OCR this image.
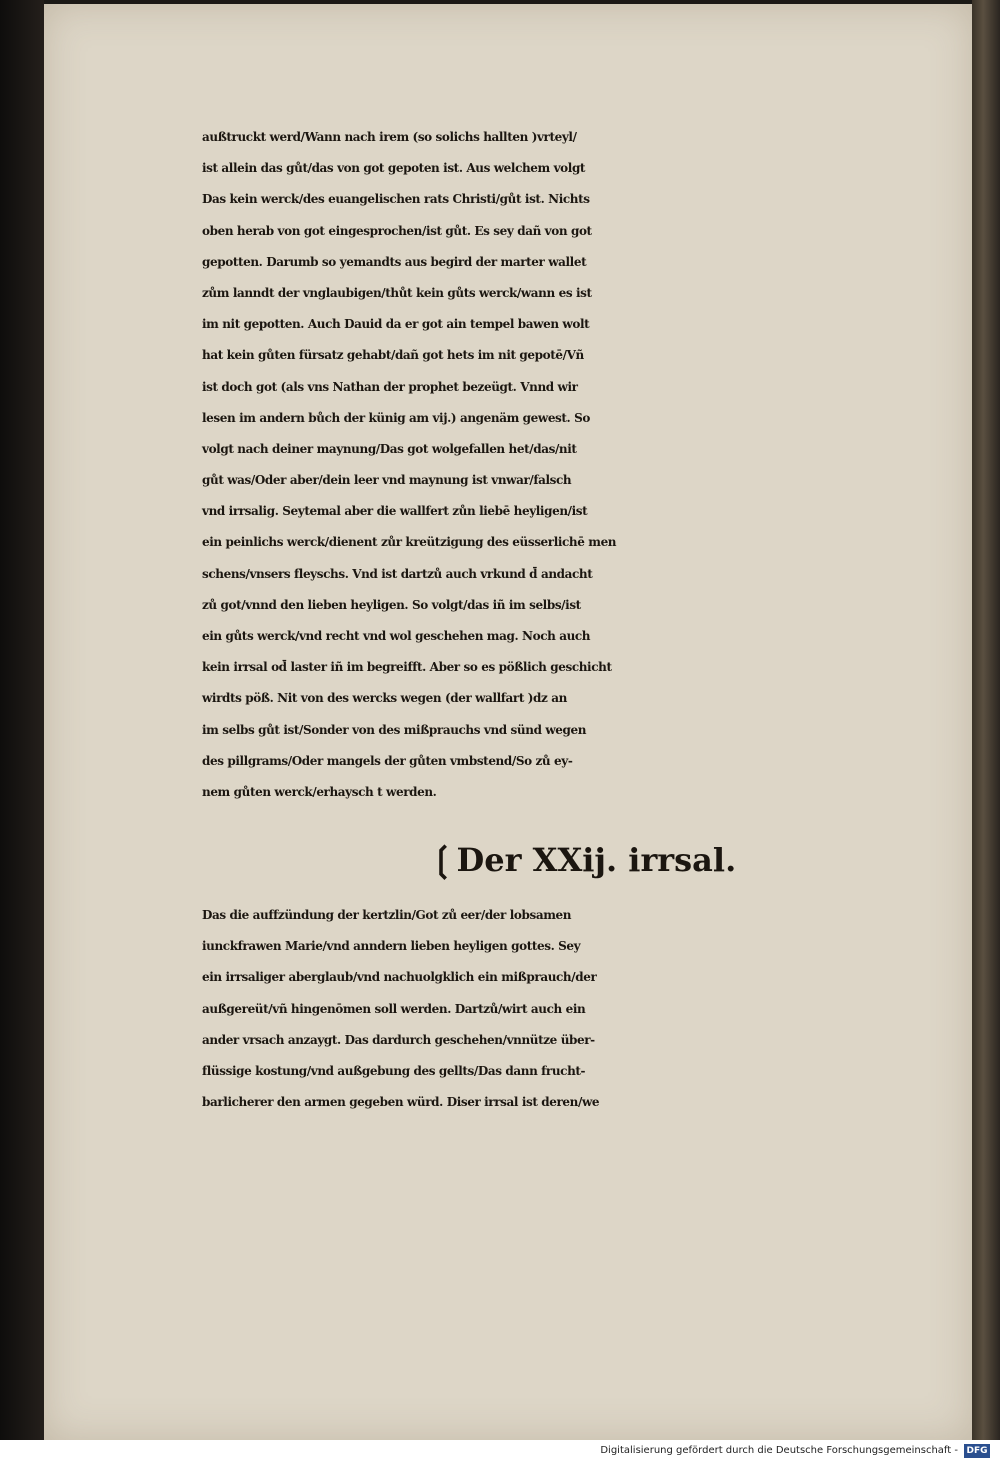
außtruckt werd/Wann nach irem (so solichs hallten )vrteyl/
ist allein das gůt/das von got gepoten ist. Aus welchem volgt
Das kein werck/des euangelischen rats Christi/gůt ist. Nichts
oben herab von got eingesprochen/ist gůt. Es sey dañ von got
gepotten. Darumb so yemandts aus begird der marter wallet
zům lanndt der vnglaubigen/thůt kein gůts werck/wann es ist
im nit gepotten. Auch Dauid da er got ain tempel bawen wolt
hat kein gůten fürsatz gehabt/dañ got hets im nit gepotē/Vñ
ist doch got (als vns Nathan der prophet bezeügt. Vnnd wir
lesen im andern bůch der künig am vij.) angenäm gewest. So
volgt nach deiner maynung/Das got wolgefallen het/das/nit
gůt was/Oder aber/dein leer vnd maynung ist vnwar/falsch
vnd irrsalig. Seytemal aber die wallfert zůn liebē heyligen/ist
ein peinlichs werck/dienent zůr kreützigung des eüsserlichē men
schens/vnsers fleyschs. Vnd ist dartzů auch vrkund d̄ andacht
zů got/vnnd den lieben heyligen. So volgt/das iñ im selbs/ist
ein gůts werck/vnd recht vnd wol geschehen mag. Noch auch
kein irrsal od̄ laster iñ im begreifft. Aber so es pößlich geschicht
wirdts pöß. Nit von des wercks wegen (der wallfart )dz an
im selbs gůt ist/Sonder von des mißprauchs vnd sünd wegen
des pillgrams/Oder mangels der gůten vmbstend/So zů ey-
nem gůten werck/erhaysch t werden.
❲Der XXij. irrsal.
Das die auffzündung der kertzlin/Got zů eer/der lobsamen
iunckfrawen Marie/vnd anndern lieben heyligen gottes. Sey
ein irrsaliger aberglaub/vnd nachuolgklich ein mißprauch/der
außgereüt/vñ hingenōmen soll werden. Dartzů/wirt auch ein
ander vrsach anzaygt. Das dardurch geschehen/vnnütze über-
flüssige kostung/vnd außgebung des gellts/Das dann frucht-
barlicherer den armen gegeben würd. Diser irrsal ist deren/we
Digitalisierung gefördert durch die Deutsche Forschungsgemeinschaft - DFG
